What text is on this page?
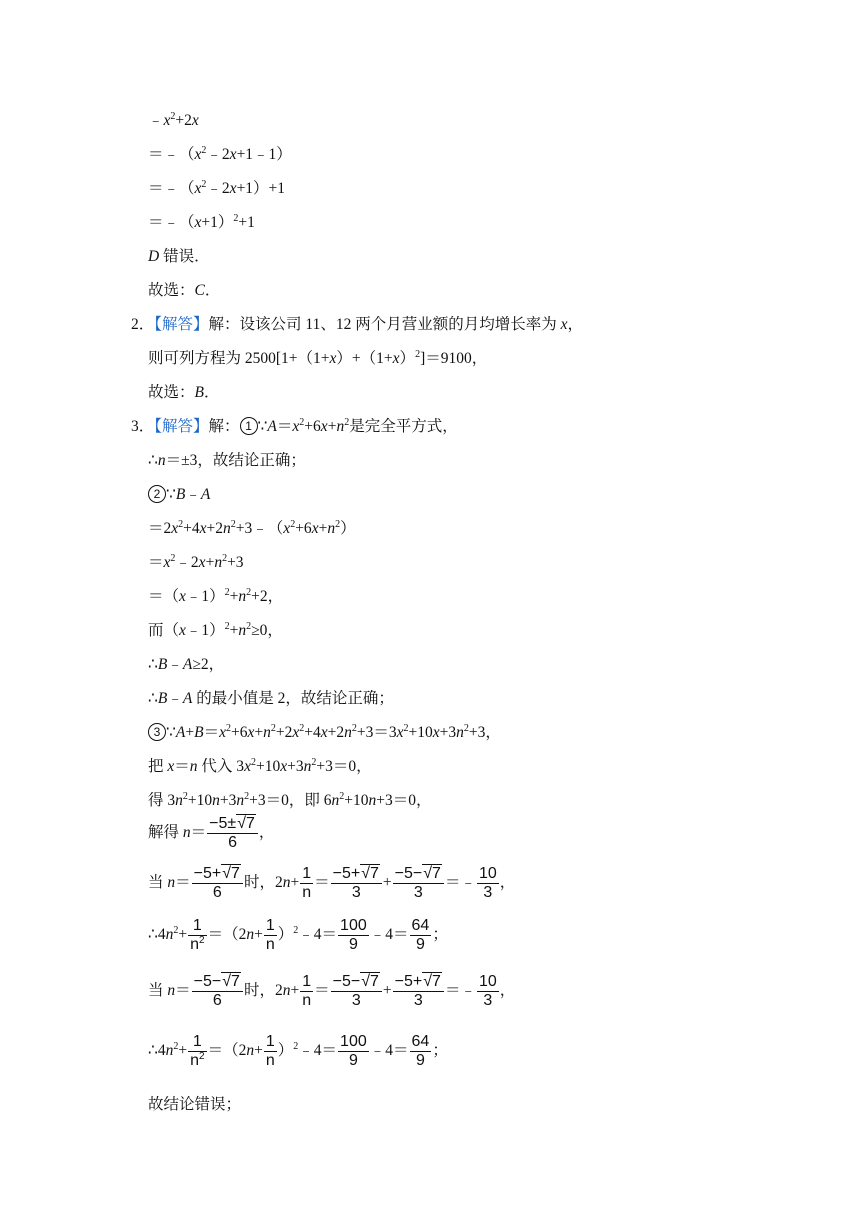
$﹣x^2+2x$
$=﹣(x^2﹣2x+1﹣1)$
$=﹣(x^2﹣2x+1)+1$
$=﹣(x+1)^2+1$
D 错误．
故选：C．
2．【解答】解：设该公司 11、12 两个月营业额的月均增长率为 x，
则可列方程为 $2500[1+(1+x)+(1+x)^2]=9100$，
故选：B．
3．【解答】解： 1 $\because A=x^2+6x+n^2$是完全平方式，
∴n＝±3，故结论正确；
2 ∵B﹣A
$=2x^2+4x+2n^2+3﹣(x^2+6x+n^2)$
$=x^2﹣2x+n^2+3$
$=(x﹣1)^2+n^2+2$，
而$(x﹣1)^2+n^2\ge 0$，
∴B﹣A≥2，
∴B﹣A 的最小值是 2，故结论正确；
3 $\because A+B=x^2+6x+n^2+2x^2+4x+2n^2+3=3x^2+10x+3n^2+3$，
把 x＝n 代入 $3x^2+10x+3n^2+3=0$，
得 $3n^2+10n+3n^2+3=0$，即 $6n^2+10n+3=0$，
解得 $n= \frac{-5\pm√7}{6}$ ，
当 $n= \frac{-5+√7}{6}$ 时，$2n+ \frac{1}{n} = \frac{-5+√7}{3} + \frac{-5-√7}{3}$ ＝﹣ $\frac{10}{3}$ ，
$\therefore 4n^2+ \frac{1}{n^2} =(2n+ \frac{1}{n}$ ）$^2﹣4= \frac{100}{9}$ ﹣4＝ $\frac{64}{9}$ ；
当 $n= \frac{-5-√7}{6}$ 时，$2n+ \frac{1}{n} = \frac{-5-√7}{3} + \frac{-5+√7}{3}$ ＝﹣ $\frac{10}{3}$ ，
$\therefore 4n^2+ \frac{1}{n^2} =(2n+ \frac{1}{n}$ ）$^2﹣4= \frac{100}{9}$ ﹣4＝ $\frac{64}{9}$ ；
故结论错误；
